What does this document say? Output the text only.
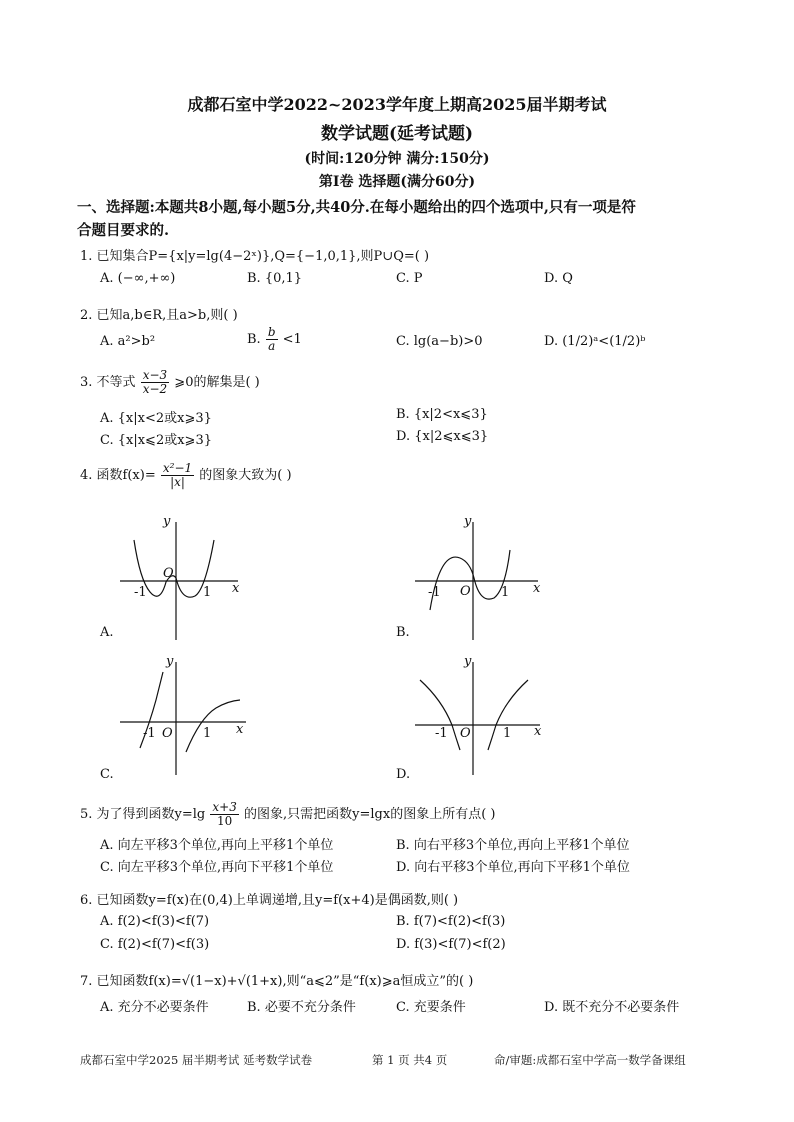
成都石室中学2022~2023学年度上期高2025届半期考试
数学试题(延考试题)
(时间:120分钟 满分:150分)
第Ⅰ卷 选择题(满分60分)
一、选择题:本题共8小题,每小题5分,共40分.在每小题给出的四个选项中,只有一项是符
合题目要求的.
1. 已知集合P={x|y=lg(4−2ˣ)},Q={−1,0,1},则P∪Q=( )
A. (−∞,+∞)	B. {0,1}	C. P	D. Q
2. 已知a,b∈R,且a>b,则( )
A. a²>b²	B. $\frac{b}{a} <1$	C. lg(a−b)>0	D. (1/2)ᵃ<(1/2)ᵇ
3. 不等式 $\frac{x-3}{x-2}$ ⩾0的解集是( )
A. {x|x<2或x⩾3}	B. {x|2<x⩽3}
C. {x|x⩽2或x⩾3}	D. {x|2⩽x⩽3}
4. 函数$f(x)= \frac{\text{x²−1}}{|x|}$ 的图象大致为( )
y
x
O
-1	1
A.
y
x
O
-1	1
B.
y
x
O
-1	1
C.
y
x
O
-1	1
D.
5. 为了得到函数$y=\lg \frac{x+3}{10}$ 的图象,只需把函数y=lgx的图象上所有点( )
A. 向左平移3个单位,再向上平移1个单位	B. 向右平移3个单位,再向上平移1个单位
C. 向左平移3个单位,再向下平移1个单位	D. 向右平移3个单位,再向下平移1个单位
6. 已知函数y=f(x)在(0,4)上单调递增,且y=f(x+4)是偶函数,则( )
A. f(2)<f(3)<f(7)	B. f(7)<f(2)<f(3)
C. f(2)<f(7)<f(3)	D. f(3)<f(7)<f(2)
7. 已知函数f(x)=√(1−x)+√(1+x),则“a⩽2”是“f(x)⩾a恒成立”的( )
A. 充分不必要条件	B. 必要不充分条件	C. 充要条件	D. 既不充分不必要条件
成都石室中学2025 届半期考试 延考数学试卷	第 1 页 共4 页	命/审题:成都石室中学高一数学备课组
